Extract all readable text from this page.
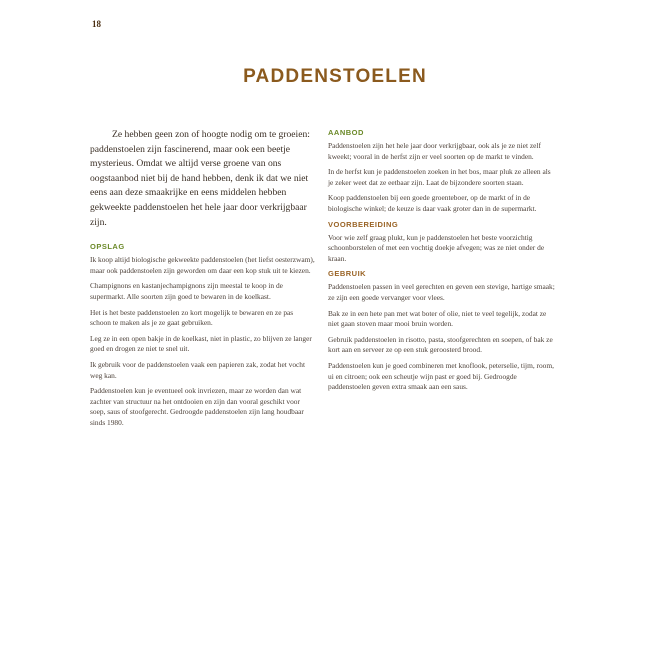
18
PADDENSTOELEN

Ze hebben geen zon of hoogte nodig om te groeien: paddenstoelen zijn fascinerend, maar ook een beetje mysterieus. Omdat we altijd verse groene van ons oogstaanbod niet bij de hand hebben, denk ik dat we niet eens aan deze smaakrijke en eens middelen hebben gekweekte paddenstoelen het hele jaar door verkrijgbaar zijn.

OPSLAG

Ik koop altijd biologische gekweekte paddenstoelen (het liefst oesterzwam), maar ook paddenstoelen zijn geworden om daar een kop stuk uit te kiezen.

Champignons en kastanjechampignons zijn meestal te koop in de supermarkt. Alle soorten zijn goed te bewaren in de koelkast.

Het is het beste paddenstoelen zo kort mogelijk te bewaren en ze pas schoon te maken als je ze gaat gebruiken.

Leg ze in een open bakje in de koelkast, niet in plastic, zo blijven ze langer goed en drogen ze niet te snel uit.

Ik gebruik voor de paddenstoelen vaak een papieren zak, zodat het vocht weg kan.

Paddenstoelen kun je eventueel ook invriezen, maar ze worden dan wat zachter van structuur na het ontdooien en zijn dan vooral geschikt voor soep, saus of stoofgerecht. Gedroogde paddenstoelen zijn lang houdbaar sinds 1980.

AANBOD

Paddenstoelen zijn het hele jaar door verkrijgbaar, ook als je ze niet zelf kweekt; vooral in de herfst zijn er veel soorten op de markt te vinden.

In de herfst kun je paddenstoelen zoeken in het bos, maar pluk ze alleen als je zeker weet dat ze eetbaar zijn. Laat de bijzondere soorten staan.

Koop paddenstoelen bij een goede groenteboer, op de markt of in de biologische winkel; de keuze is daar vaak groter dan in de supermarkt.

VOORBEREIDING

Voor wie zelf graag plukt, kun je paddenstoelen het beste voorzichtig schoonborstelen of met een vochtig doekje afvegen; was ze niet onder de kraan.

GEBRUIK

Paddenstoelen passen in veel gerechten en geven een stevige, hartige smaak; ze zijn een goede vervanger voor vlees.

Bak ze in een hete pan met wat boter of olie, niet te veel tegelijk, zodat ze niet gaan stoven maar mooi bruin worden.

Gebruik paddenstoelen in risotto, pasta, stoofgerechten en soepen, of bak ze kort aan en serveer ze op een stuk geroosterd brood.

Paddenstoelen kun je goed combineren met knoflook, peterselie, tijm, room, ui en citroen; ook een scheutje wijn past er goed bij. Gedroogde paddenstoelen geven extra smaak aan een saus.
